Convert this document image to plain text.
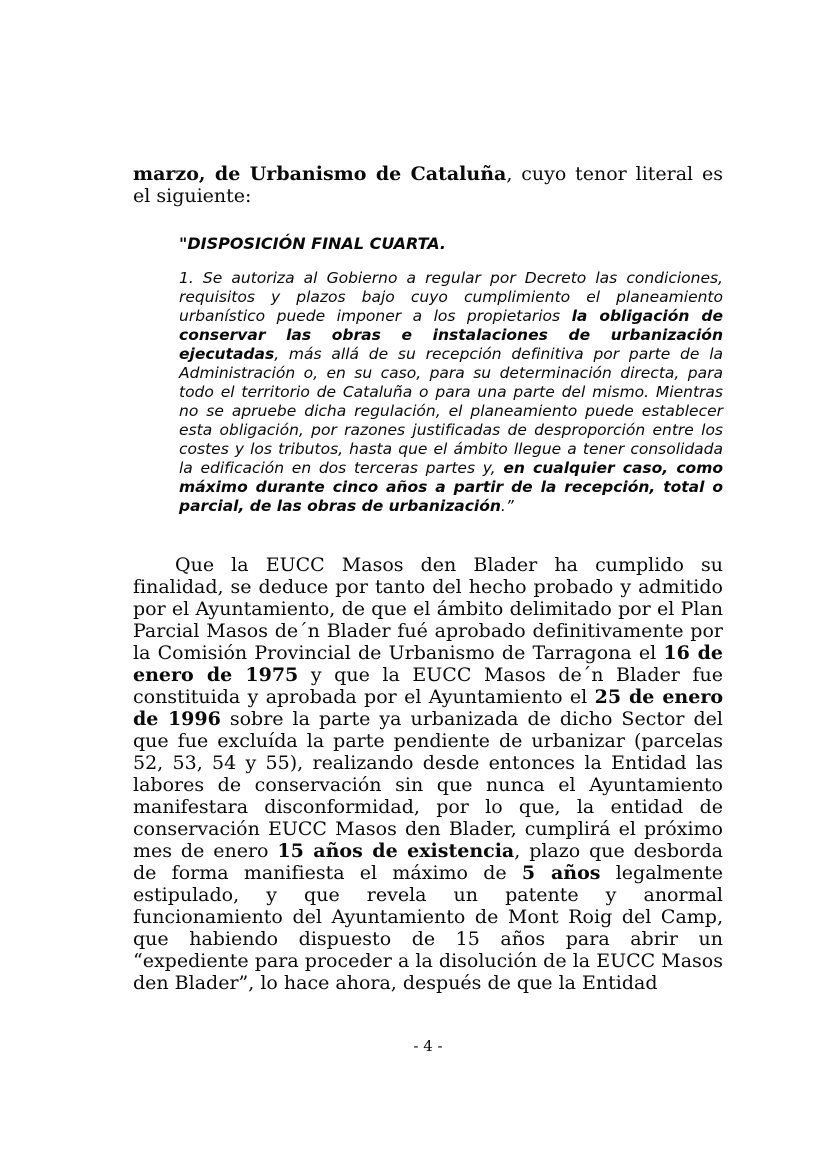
marzo, de Urbanismo de Cataluña, cuyo tenor literal es el siguiente:

"DISPOSICIÓN FINAL CUARTA.

1. Se autoriza al Gobierno a regular por Decreto las condiciones, requisitos y plazos bajo cuyo cumplimiento el planeamiento urbanístico puede imponer a los propietarios la obligación de conservar las obras e instalaciones de urbanización ejecutadas, más allá de su recepción definitiva por parte de la Administración o, en su caso, para su determinación directa, para todo el territorio de Cataluña o para una parte del mismo. Mientras no se apruebe dicha regulación, el planeamiento puede establecer esta obligación, por razones justificadas de desproporción entre los costes y los tributos, hasta que el ámbito llegue a tener consolidada la edificación en dos terceras partes y, en cualquier caso, como máximo durante cinco años a partir de la recepción, total o parcial, de las obras de urbanización.”

Que la EUCC Masos den Blader ha cumplido su finalidad, se deduce por tanto del hecho probado y admitido por el Ayuntamiento, de que el ámbito delimitado por el Plan Parcial Masos de´n Blader fué aprobado definitivamente por la Comisión Provincial de Urbanismo de Tarragona el 16 de enero de 1975 y que la EUCC Masos de´n Blader fue constituida y aprobada por el Ayuntamiento el 25 de enero de 1996 sobre la parte ya urbanizada de dicho Sector del que fue excluída la parte pendiente de urbanizar (parcelas 52, 53, 54 y 55), realizando desde entonces la Entidad las labores de conservación sin que nunca el Ayuntamiento manifestara disconformidad, por lo que, la entidad de conservación EUCC Masos den Blader, cumplirá el próximo mes de enero 15 años de existencia, plazo que desborda de forma manifiesta el máximo de 5 años legalmente estipulado, y que revela un patente y anormal funcionamiento del Ayuntamiento de Mont Roig del Camp, que habiendo dispuesto de 15 años para abrir un “expediente para proceder a la disolución de la EUCC Masos den Blader”, lo hace ahora, después de que la Entidad

- 4 -
